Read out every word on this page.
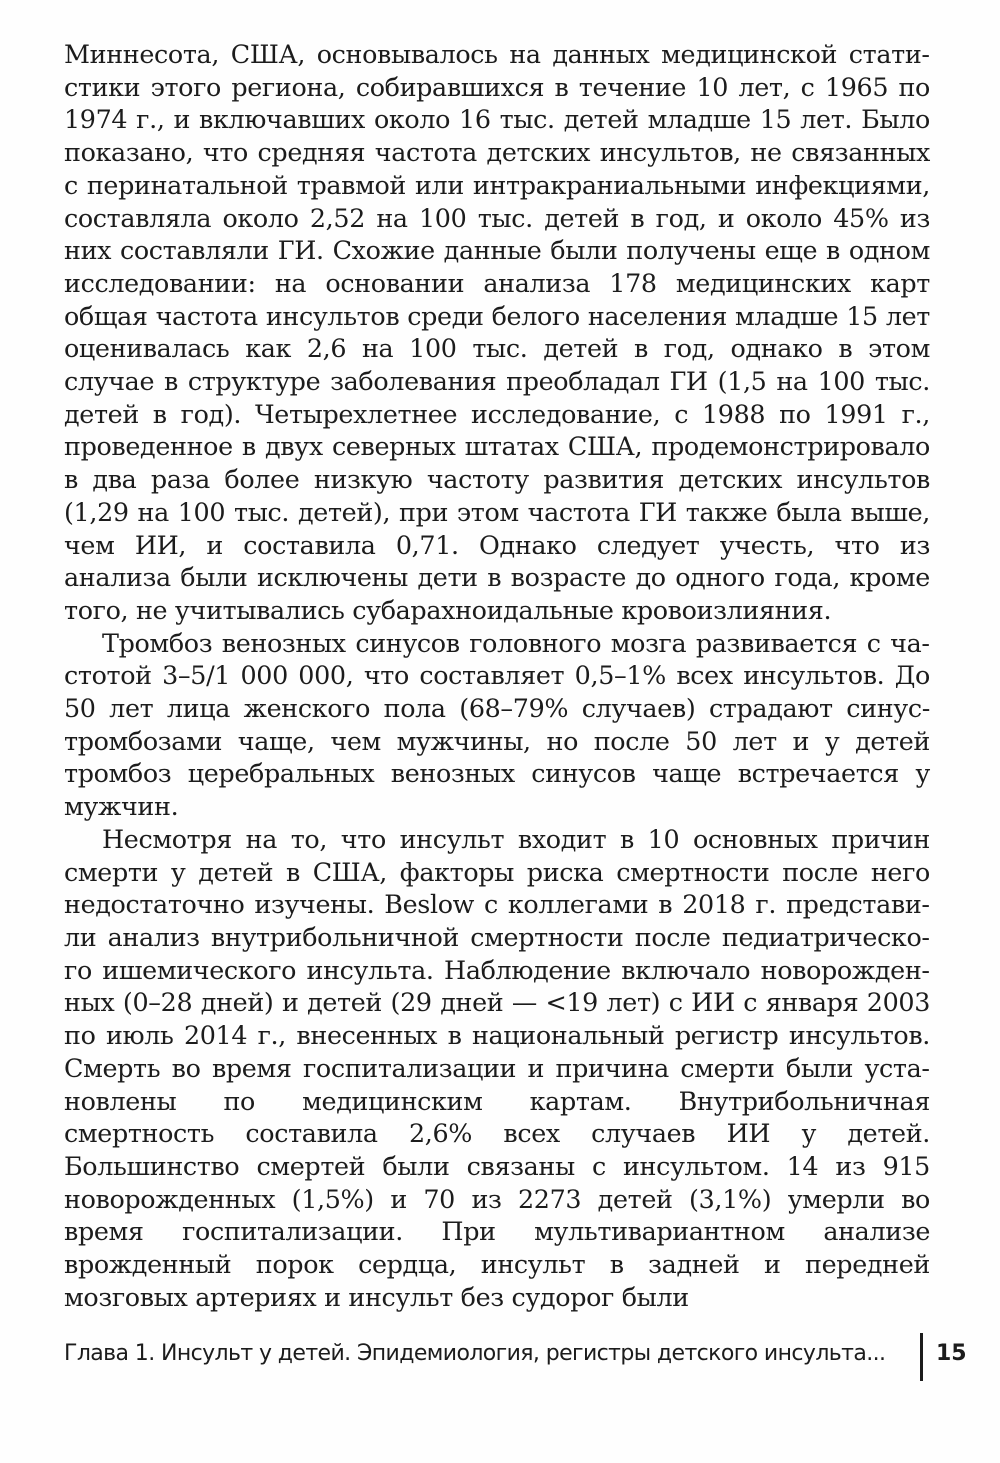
Миннесота, США, основывалось на данных медицинской статистики этого региона, собиравшихся в течение 10 лет, с 1965 по 1974 г., и включавших около 16 тыс. детей младше 15 лет. Было показано, что средняя частота детских инсультов, не связанных с перинатальной травмой или интракраниальными инфекциями, составляла около 2,52 на 100 тыс. детей в год, и около 45% из них составляли ГИ. Схожие данные были получены еще в одном исследовании: на основании анализа 178 медицинских карт общая частота инсультов среди белого населения младше 15 лет оценивалась как 2,6 на 100 тыс. детей в год, однако в этом случае в структуре заболевания преобладал ГИ (1,5 на 100 тыс. детей в год). Четырехлетнее исследование, с 1988 по 1991 г., проведенное в двух северных штатах США, продемонстрировало в два раза более низкую частоту развития детских инсультов (1,29 на 100 тыс. детей), при этом частота ГИ также была выше, чем ИИ, и составила 0,71. Однако следует учесть, что из анализа были исключены дети в возрасте до одного года, кроме того, не учитывались субарахноидальные кровоизлияния.

Тромбоз венозных синусов головного мозга развивается с частотой 3–5/1 000 000, что составляет 0,5–1% всех инсультов. До 50 лет лица женского пола (68–79% случаев) страдают синус-тромбозами чаще, чем мужчины, но после 50 лет и у детей тромбоз церебральных венозных синусов чаще встречается у мужчин.

Несмотря на то, что инсульт входит в 10 основных причин смерти у детей в США, факторы риска смертности после него недостаточно изучены. Beslow с коллегами в 2018 г. представили анализ внутрибольничной смертности после педиатрического ишемического инсульта. Наблюдение включало новорожденных (0–28 дней) и детей (29 дней — <19 лет) с ИИ с января 2003 по июль 2014 г., внесенных в национальный регистр инсультов. Смерть во время госпитализации и причина смерти были установлены по медицинским картам. Внутрибольничная смертность составила 2,6% всех случаев ИИ у детей. Большинство смертей были связаны с инсультом. 14 из 915 новорожденных (1,5%) и 70 из 2273 детей (3,1%) умерли во время госпитализации. При мультивариантном анализе врожденный порок сердца, инсульт в задней и передней мозговых артериях и инсульт без судорог были

Глава 1. Инсульт у детей. Эпидемиология, регистры детского инсульта... 15
